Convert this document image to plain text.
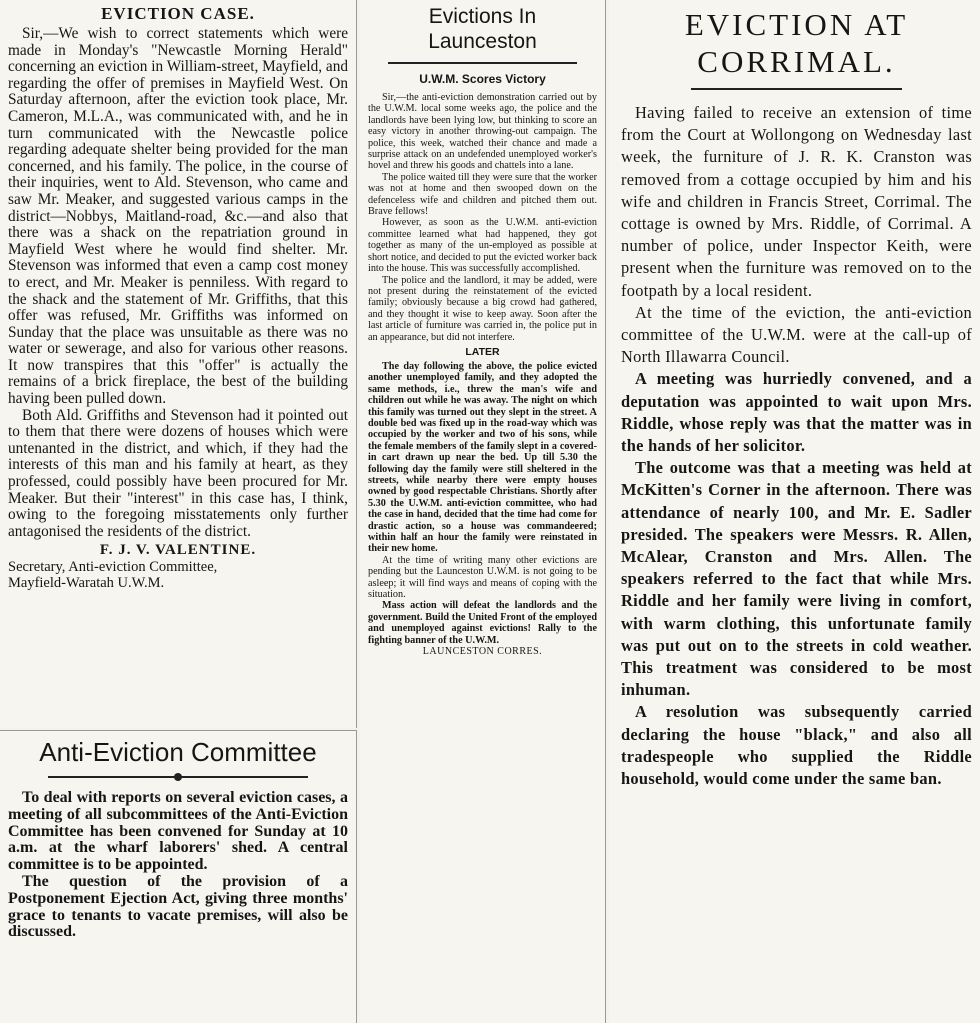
EVICTION CASE.

Sir,—We wish to correct statements which were made in Monday's "Newcastle Morning Herald" concerning an eviction in William-street, Mayfield, and regarding the offer of premises in Mayfield West. On Saturday afternoon, after the eviction took place, Mr. Cameron, M.L.A., was communicated with, and he in turn communicated with the Newcastle police regarding adequate shelter being provided for the man concerned, and his family. The police, in the course of their inquiries, went to Ald. Stevenson, who came and saw Mr. Meaker, and suggested various camps in the district—Nobbys, Maitland-road, &c.—and also that there was a shack on the repatriation ground in Mayfield West where he would find shelter. Mr. Stevenson was informed that even a camp cost money to erect, and Mr. Meaker is penniless. With regard to the shack and the statement of Mr. Griffiths, that this offer was refused, Mr. Griffiths was informed on Sunday that the place was unsuitable as there was no water or sewerage, and also for various other reasons. It now transpires that this "offer" is actually the remains of a brick fireplace, the best of the building having been pulled down.

Both Ald. Griffiths and Stevenson had it pointed out to them that there were dozens of houses which were untenanted in the district, and which, if they had the interests of this man and his family at heart, as they professed, could possibly have been procured for Mr. Meaker. But their "interest" in this case has, I think, owing to the foregoing misstatements only further antagonised the residents of the district.

F. J. V. VALENTINE.

Secretary, Anti-eviction Committee,

Mayfield-Waratah U.W.M.

Anti-Eviction Committee

To deal with reports on several eviction cases, a meeting of all subcommittees of the Anti-Eviction Committee has been convened for Sunday at 10 a.m. at the wharf laborers' shed. A central committee is to be appointed.

The question of the provision of a Postponement Ejection Act, giving three months' grace to tenants to vacate premises, will also be discussed.

Evictions In
Launceston
U.W.M. Scores Victory

Sir,—the anti-eviction demonstration carried out by the U.W.M. local some weeks ago, the police and the landlords have been lying low, but thinking to score an easy victory in another throwing-out campaign. The police, this week, watched their chance and made a surprise attack on an undefended unemployed worker's hovel and threw his goods and chattels into a lane.

The police waited till they were sure that the worker was not at home and then swooped down on the defenceless wife and children and pitched them out. Brave fellows!

However, as soon as the U.W.M. anti-eviction committee learned what had happened, they got together as many of the un-employed as possible at short notice, and decided to put the evicted worker back into the house. This was successfully accomplished.

The police and the landlord, it may be added, were not present during the reinstatement of the evicted family; obviously because a big crowd had gathered, and they thought it wise to keep away. Soon after the last article of furniture was carried in, the police put in an appearance, but did not interfere.

LATER

The day following the above, the police evicted another unemployed family, and they adopted the same methods, i.e., threw the man's wife and children out while he was away. The night on which this family was turned out they slept in the street. A double bed was fixed up in the road-way which was occupied by the worker and two of his sons, while the female members of the family slept in a covered-in cart drawn up near the bed. Up till 5.30 the following day the family were still sheltered in the streets, while nearby there were empty houses owned by good respectable Christians. Shortly after 5.30 the U.W.M. anti-eviction committee, who had the case in hand, decided that the time had come for drastic action, so a house was commandeered; within half an hour the family were reinstated in their new home.

At the time of writing many other evictions are pending but the Launceston U.W.M. is not going to be asleep; it will find ways and means of coping with the situation.

Mass action will defeat the landlords and the government. Build the United Front of the employed and unemployed against evictions! Rally to the fighting banner of the U.W.M.

LAUNCESTON CORRES.

EVICTION AT
CORRIMAL.

Having failed to receive an extension of time from the Court at Wollongong on Wednesday last week, the furniture of J. R. K. Cranston was removed from a cottage occupied by him and his wife and children in Francis Street, Corrimal. The cottage is owned by Mrs. Riddle, of Corrimal. A number of police, under Inspector Keith, were present when the furniture was removed on to the footpath by a local resident.

At the time of the eviction, the anti-eviction committee of the U.W.M. were at the call-up of North Illawarra Council.

A meeting was hurriedly convened, and a deputation was appointed to wait upon Mrs. Riddle, whose reply was that the matter was in the hands of her solicitor.

The outcome was that a meeting was held at McKitten's Corner in the afternoon. There was attendance of nearly 100, and Mr. E. Sadler presided. The speakers were Messrs. R. Allen, McAlear, Cranston and Mrs. Allen. The speakers referred to the fact that while Mrs. Riddle and her family were living in comfort, with warm clothing, this unfortunate family was put out on to the streets in cold weather. This treatment was considered to be most inhuman.

A resolution was subsequently carried declaring the house "black," and also all tradespeople who supplied the Riddle household, would come under the same ban.
